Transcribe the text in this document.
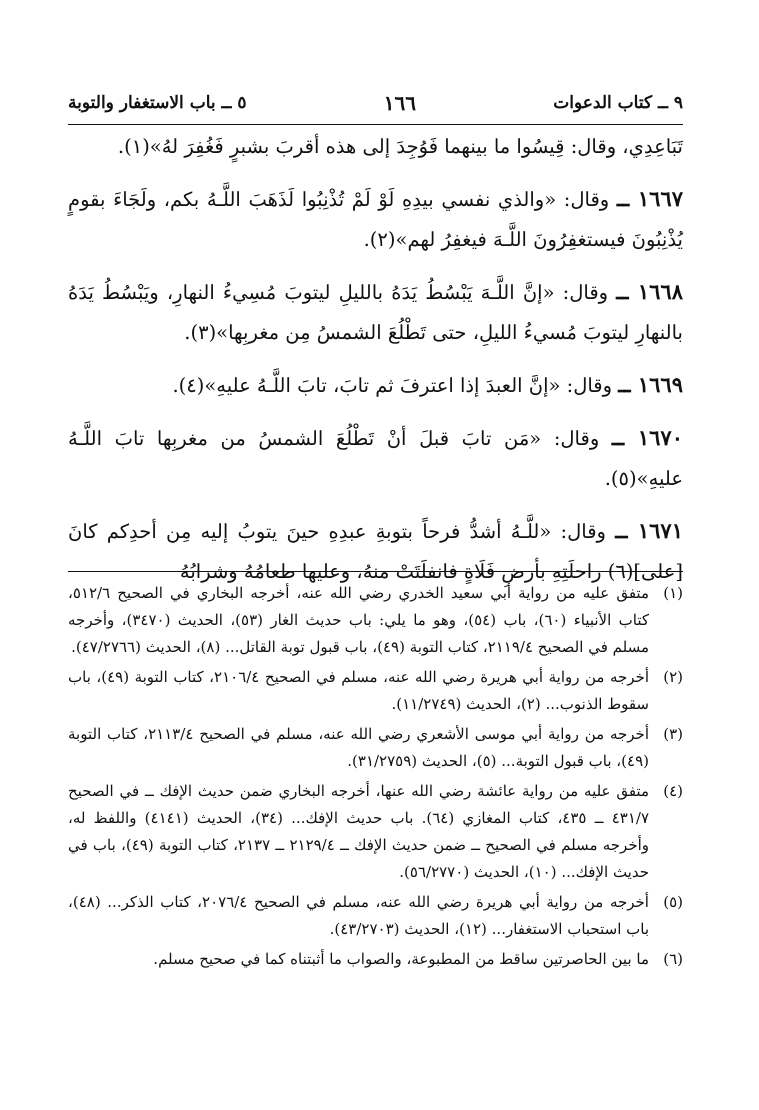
٩ ــ كتاب الدعوات
١٦٦
٥ ــ باب الاستغفار والتوبة

تَبَاعِدِي، وقال: قِيسُوا ما بينهما فَوُجِدَ إلى هذه أقربَ بشبرٍ فَغُفِرَ لهُ»(١).

١٦٦٧ ــ وقال: «والذي نفسي بيدِهِ لَوْ لَمْ تُذْنِبُوا لَذَهَبَ اللَّـهُ بكم، ولَجَاءَ بقومٍ يُذْنِبُونَ فيستغفِرُونَ اللَّـهَ فيغفِرُ لهم»(٢).

١٦٦٨ ــ وقال: «إنَّ اللَّـهَ يَبْسُطُ يَدَهُ بالليلِ ليتوبَ مُسِيءُ النهارِ، ويَبْسُطُ يَدَهُ بالنهارِ ليتوبَ مُسيءُ الليلِ، حتى تَطْلُعَ الشمسُ مِن مغربِها»(٣).

١٦٦٩ ــ وقال: «إنَّ العبدَ إذا اعترفَ ثم تابَ، تابَ اللَّـهُ عليهِ»(٤).

١٦٧٠ ــ وقال: «مَن تابَ قبلَ أنْ تَطْلُعَ الشمسُ من مغربِها تابَ اللَّـهُ عليهِ»(٥).

١٦٧١ ــ وقال: «للَّـهُ أشدُّ فرحاً بتوبةِ عبدِهِ حينَ يتوبُ إليه مِن أحدِكم كانَ [على](٦) راحلَتِهِ بأرضِ فَلَاةٍ فانفلَتَتْ منهُ، وعليها طعامُهُ وشرابُهُ

(١)
متفق عليه من رواية أبي سعيد الخدري رضي الله عنه، أخرجه البخاري في الصحيح ٥١٢/٦، كتاب الأنبياء (٦٠)، باب (٥٤)، وهو ما يلي: باب حديث الغار (٥٣)، الحديث (٣٤٧٠)، وأخرجه مسلم في الصحيح ٢١١٩/٤، كتاب التوبة (٤٩)، باب قبول توبة القاتل... (٨)، الحديث (٤٧/٢٧٦٦).
(٢)
أخرجه من رواية أبي هريرة رضي الله عنه، مسلم في الصحيح ٢١٠٦/٤، كتاب التوبة (٤٩)، باب سقوط الذنوب... (٢)، الحديث (١١/٢٧٤٩).
(٣)
أخرجه من رواية أبي موسى الأشعري رضي الله عنه، مسلم في الصحيح ٢١١٣/٤، كتاب التوبة (٤٩)، باب قبول التوبة... (٥)، الحديث (٣١/٢٧٥٩).
(٤)
متفق عليه من رواية عائشة رضي الله عنها، أخرجه البخاري ضمن حديث الإفك ــ في الصحيح ٤٣١/٧ ــ ٤٣٥، كتاب المغازي (٦٤). باب حديث الإفك... (٣٤)، الحديث (٤١٤١) واللفظ له، وأخرجه مسلم في الصحيح ــ ضمن حديث الإفك ــ ٢١٢٩/٤ ــ ٢١٣٧، كتاب التوبة (٤٩)، باب في حديث الإفك... (١٠)، الحديث (٥٦/٢٧٧٠).
(٥)
أخرجه من رواية أبي هريرة رضي الله عنه، مسلم في الصحيح ٢٠٧٦/٤، كتاب الذكر... (٤٨)، باب استحباب الاستغفار... (١٢)، الحديث (٤٣/٢٧٠٣).
(٦)
ما بين الحاصرتين ساقط من المطبوعة، والصواب ما أثبتناه كما في صحيح مسلم.
